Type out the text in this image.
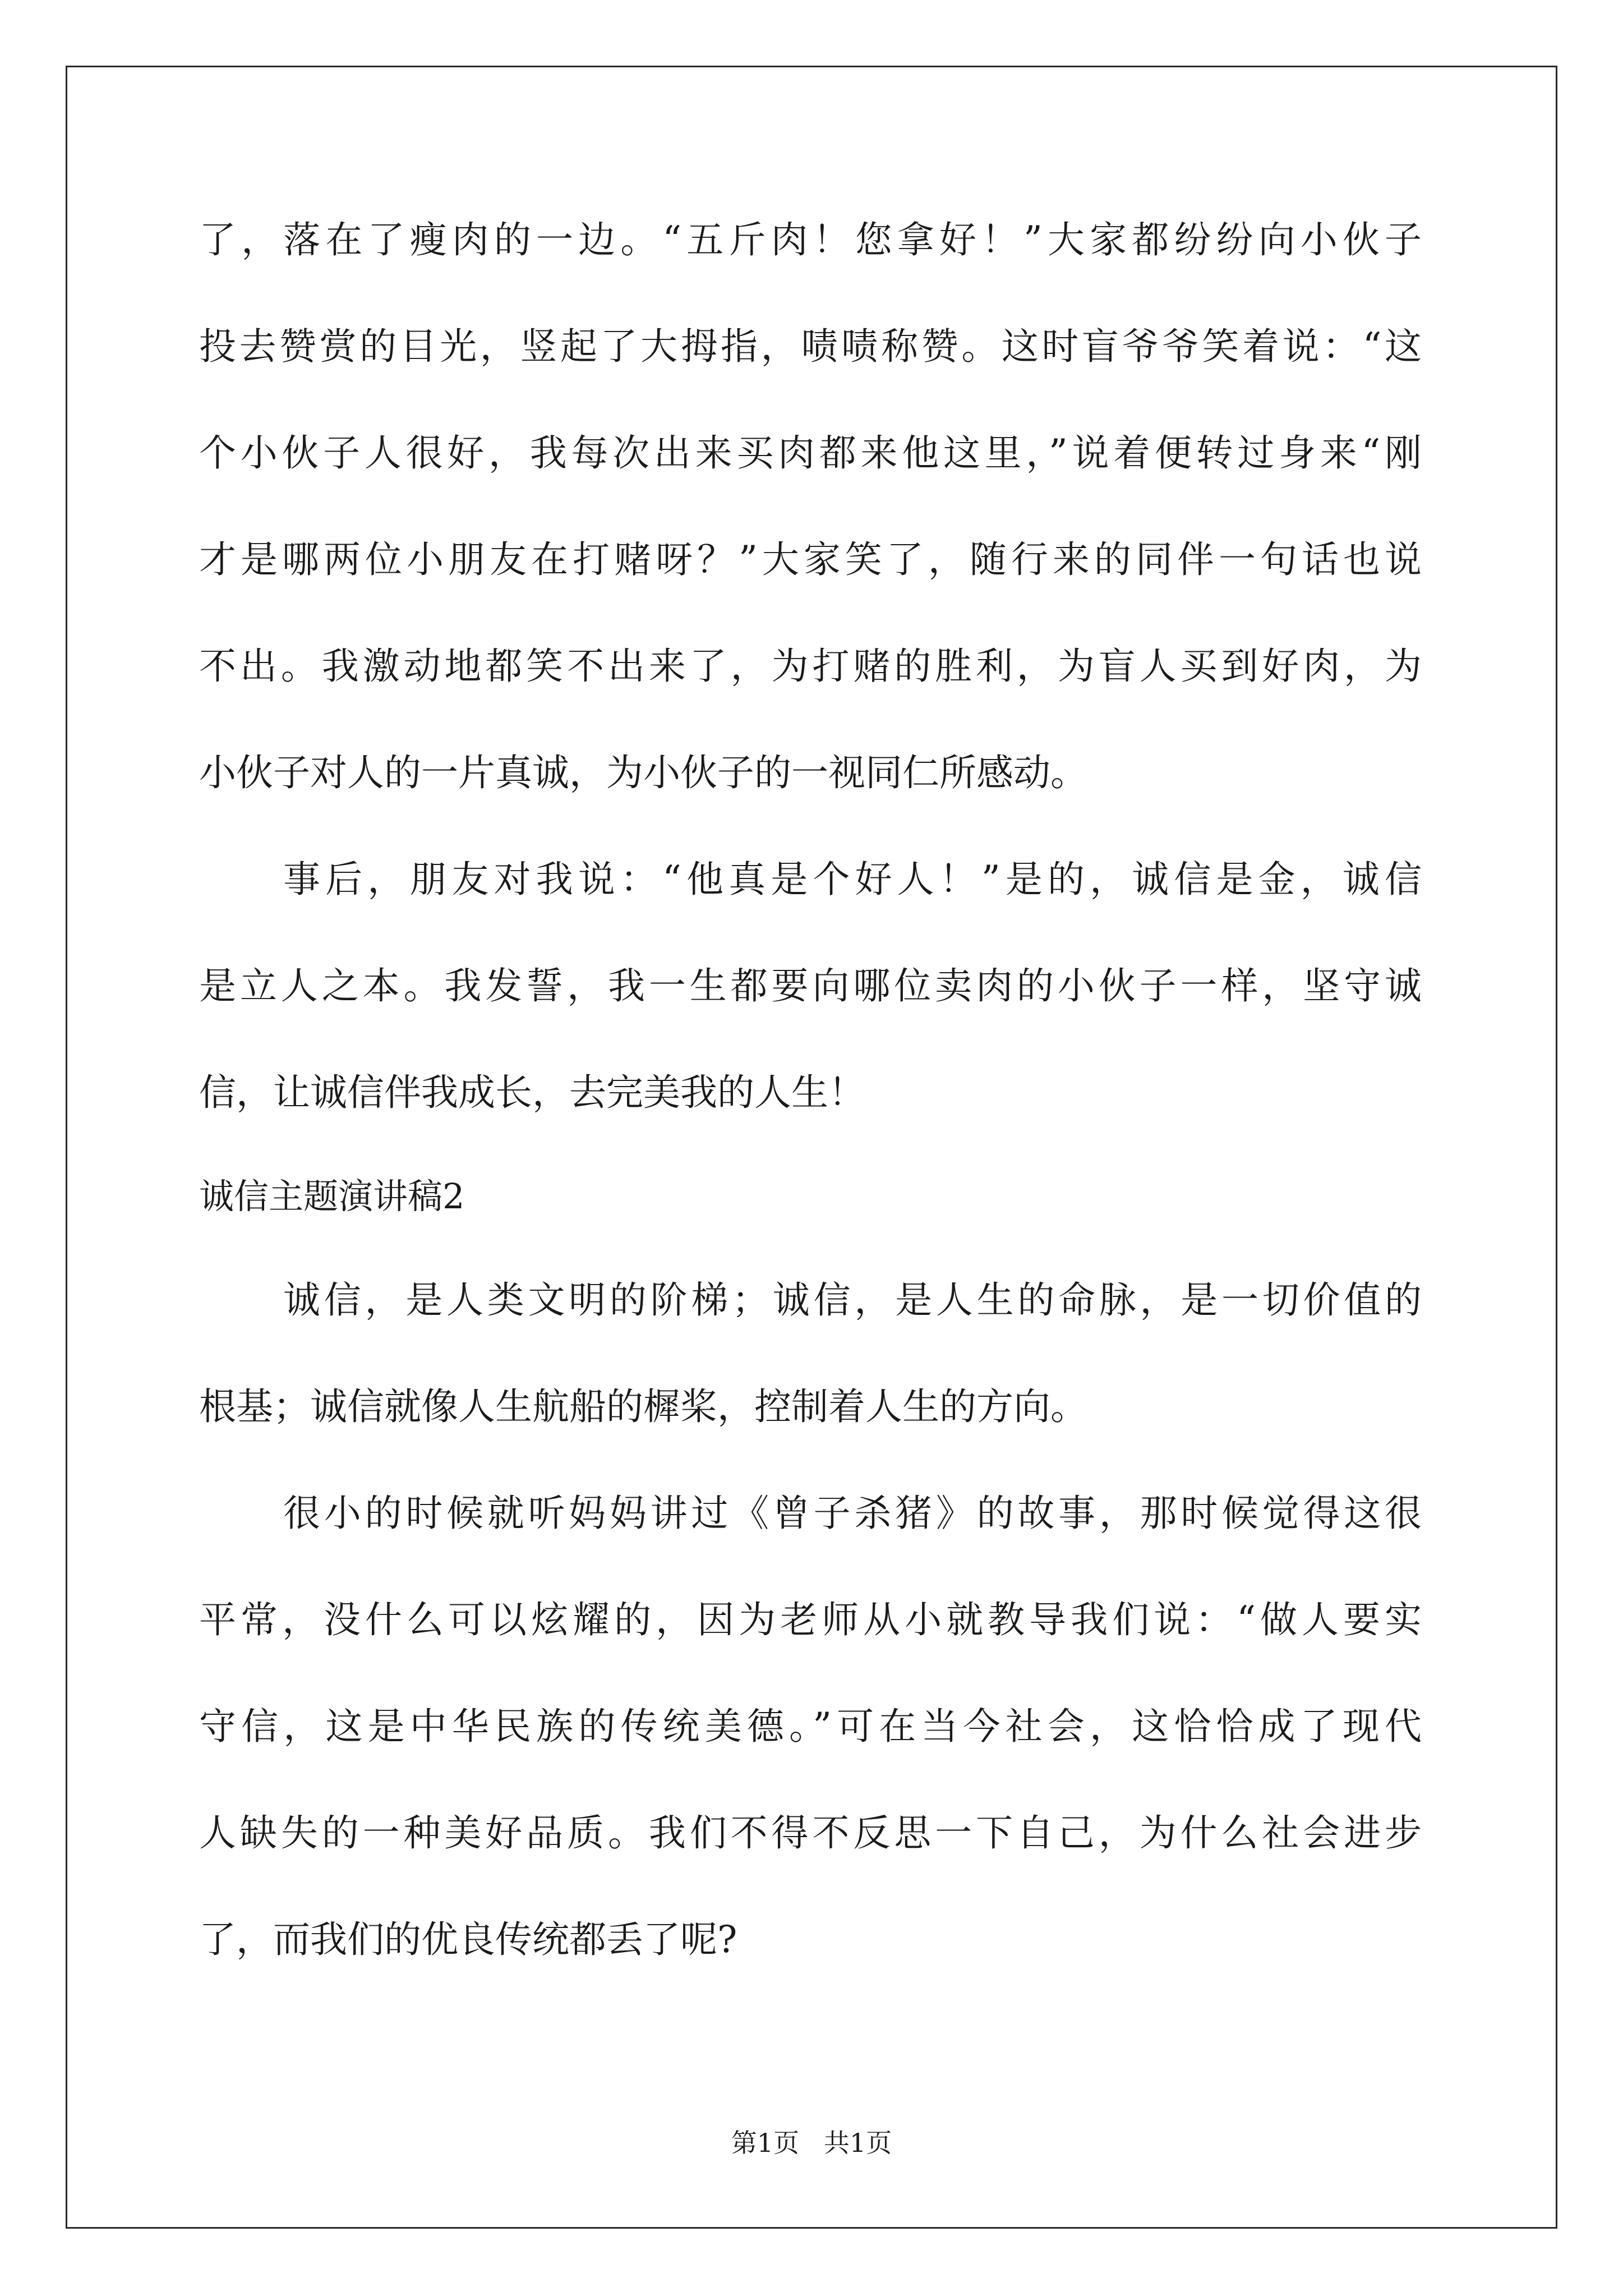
了，落在了瘦肉的一边。“五斤肉！您拿好！”大家都纷纷向小伙子
投去赞赏的目光，竖起了大拇指，啧啧称赞。这时盲爷爷笑着说：“这
个小伙子人很好，我每次出来买肉都来他这里，”说着便转过身来“刚
才是哪两位小朋友在打赌呀？”大家笑了，随行来的同伴一句话也说
不出。我激动地都笑不出来了，为打赌的胜利，为盲人买到好肉，为
小伙子对人的一片真诚，为小伙子的一视同仁所感动。
事后，朋友对我说：“他真是个好人！”是的，诚信是金，诚信
是立人之本。我发誓，我一生都要向哪位卖肉的小伙子一样，坚守诚
信，让诚信伴我成长，去完美我的人生！
诚信主题演讲稿2
诚信，是人类文明的阶梯；诚信，是人生的命脉，是一切价值的
根基；诚信就像人生航船的樨桨，控制着人生的方向。
很小的时候就听妈妈讲过《曾子杀猪》的故事，那时候觉得这很
平常，没什么可以炫耀的，因为老师从小就教导我们说：“做人要实
守信，这是中华民族的传统美德。”可在当今社会，这恰恰成了现代
人缺失的一种美好品质。我们不得不反思一下自己，为什么社会进步
了，而我们的优良传统都丢了呢?
第1页   共1页
